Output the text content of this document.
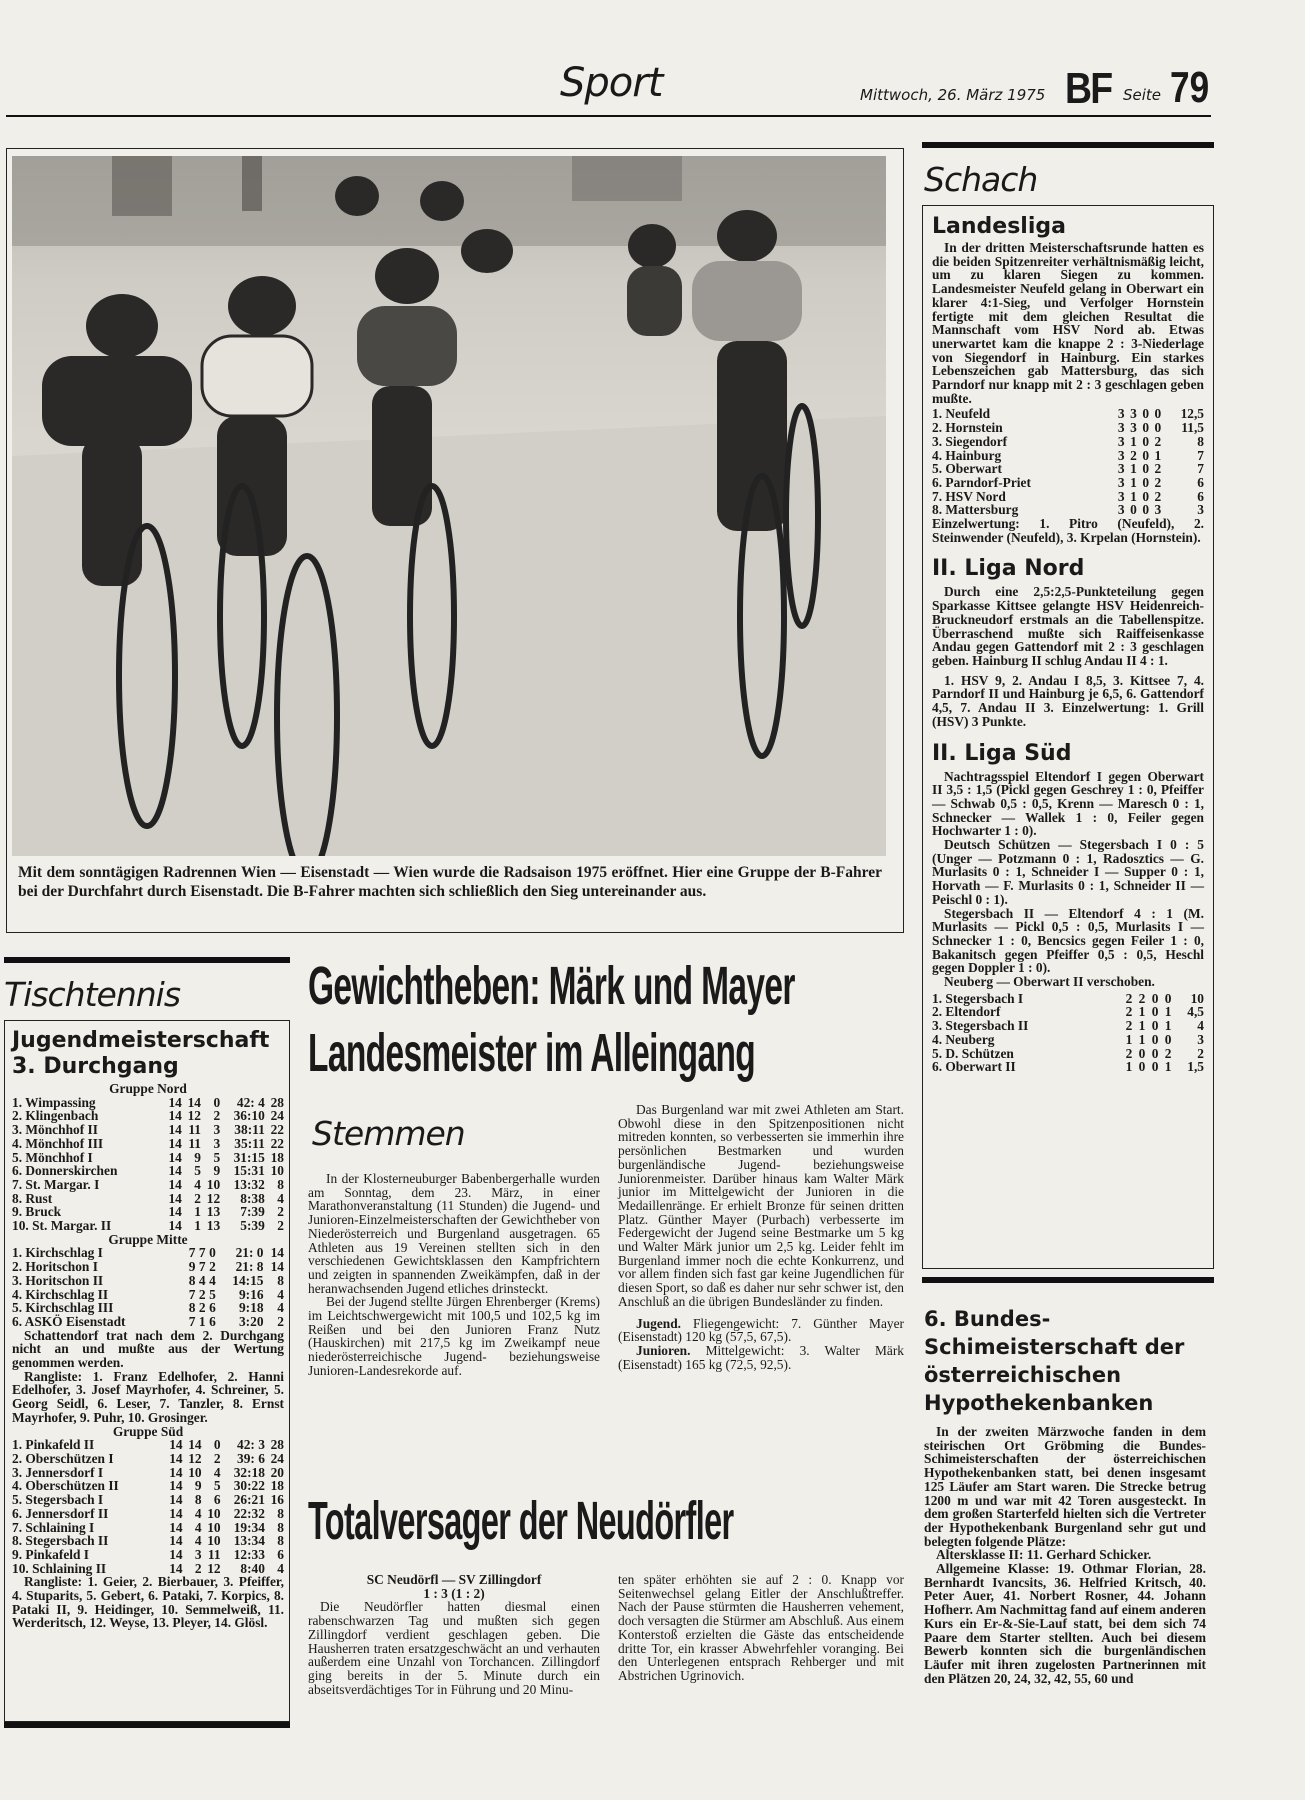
Sport	Mittwoch, 26. März 1975 BF Seite 79
Mit dem sonntägigen Radrennen Wien — Eisenstadt — Wien wurde die Radsaison 1975 eröffnet. Hier eine Gruppe der B-Fahrer bei der Durchfahrt durch Eisenstadt. Die B-Fahrer machten sich schließlich den Sieg untereinander aus.
Schach
Landesliga

In der dritten Meisterschaftsrunde hatten es die beiden Spitzenreiter verhältnismäßig leicht, um zu klaren Siegen zu kommen. Landesmeister Neufeld gelang in Oberwart ein klarer 4:1-Sieg, und Verfolger Hornstein fertigte mit dem gleichen Resultat die Mannschaft vom HSV Nord ab. Etwas unerwartet kam die knappe 2 : 3-Niederlage von Siegendorf in Hainburg. Ein starkes Lebenszeichen gab Mattersburg, das sich Parndorf nur knapp mit 2 : 3 geschlagen geben mußte.

1. Neufeld	3	3	0	0	12,5
2. Hornstein	3	3	0	0	11,5
3. Siegendorf	3	1	0	2	8
4. Hainburg	3	2	0	1	7
5. Oberwart	3	1	0	2	7
6. Parndorf-Priet	3	1	0	2	6
7. HSV Nord	3	1	0	2	6
8. Mattersburg	3	0	0	3	3

Einzelwertung: 1. Pitro (Neufeld), 2. Steinwender (Neufeld), 3. Krpelan (Hornstein).

II. Liga Nord

Durch eine 2,5:2,5-Punkteteilung gegen Sparkasse Kittsee gelangte HSV Heidenreich-Bruckneudorf erstmals an die Tabellenspitze. Überraschend mußte sich Raiffeisenkasse Andau gegen Gattendorf mit 2 : 3 geschlagen geben. Hainburg II schlug Andau II 4 : 1.

1. HSV 9, 2. Andau I 8,5, 3. Kittsee 7, 4. Parndorf II und Hainburg je 6,5, 6. Gattendorf 4,5, 7. Andau II 3. Einzelwertung: 1. Grill (HSV) 3 Punkte.

II. Liga Süd

Nachtragsspiel Eltendorf I gegen Oberwart II 3,5 : 1,5 (Pickl gegen Geschrey 1 : 0, Pfeiffer — Schwab 0,5 : 0,5, Krenn — Maresch 0 : 1, Schnecker — Wallek 1 : 0, Feiler gegen Hochwarter 1 : 0).

Deutsch Schützen — Stegersbach I 0 : 5 (Unger — Potzmann 0 : 1, Radosztics — G. Murlasits 0 : 1, Schneider I — Supper 0 : 1, Horvath — F. Murlasits 0 : 1, Schneider II — Peischl 0 : 1).

Stegersbach II — Eltendorf 4 : 1 (M. Murlasits — Pickl 0,5 : 0,5, Murlasits I — Schnecker 1 : 0, Bencsics gegen Feiler 1 : 0, Bakanitsch gegen Pfeiffer 0,5 : 0,5, Heschl gegen Doppler 1 : 0).

Neuberg — Oberwart II verschoben.

1. Stegersbach I	2	2	0	0	10
2. Eltendorf	2	1	0	1	4,5
3. Stegersbach II	2	1	0	1	4
4. Neuberg	1	1	0	0	3
5. D. Schützen	2	0	0	2	2
6. Oberwart II	1	0	0	1	1,5
6. Bundes-Schimeisterschaft der österreichischen Hypothekenbanken

In der zweiten Märzwoche fanden in dem steirischen Ort Gröbming die Bundes-Schimeisterschaften der österreichischen Hypothekenbanken statt, bei denen insgesamt 125 Läufer am Start waren. Die Strecke betrug 1200 m und war mit 42 Toren ausgesteckt. In dem großen Starterfeld hielten sich die Vertreter der Hypothekenbank Burgenland sehr gut und belegten folgende Plätze:

Altersklasse II: 11. Gerhard Schicker.

Allgemeine Klasse: 19. Othmar Florian, 28. Bernhardt Ivancsits, 36. Helfried Kritsch, 40. Peter Auer, 41. Norbert Rosner, 44. Johann Hofherr. Am Nachmittag fand auf einem anderen Kurs ein Er-&-Sie-Lauf statt, bei dem sich 74 Paare dem Starter stellten. Auch bei diesem Bewerb konnten sich die burgenländischen Läufer mit ihren zugelosten Partnerinnen mit den Plätzen 20, 24, 32, 42, 55, 60 und

Tischtennis
Jugendmeisterschaft
3. Durchgang
Gruppe Nord					
1. Wimpassing	14	14	0	42: 4	28
2. Klingenbach	14	12	2	36:10	24
3. Mönchhof II	14	11	3	38:11	22
4. Mönchhof III	14	11	3	35:11	22
5. Mönchhof I	14	9	5	31:15	18
6. Donnerskirchen	14	5	9	15:31	10
7. St. Margar. I	14	4	10	13:32	8
8. Rust	14	2	12	8:38	4
9. Bruck	14	1	13	7:39	2
10. St. Margar. II	14	1	13	5:39	2
Gruppe Mitte					
1. Kirchschlag I	7	7	0	21: 0	14
2. Horitschon I	9	7	2	21: 8	14
3. Horitschon II	8	4	4	14:15	8
4. Kirchschlag II	7	2	5	9:16	4
5. Kirchschlag III	8	2	6	9:18	4
6. ASKÖ Eisenstadt	7	1	6	3:20	2

Schattendorf trat nach dem 2. Durchgang nicht an und mußte aus der Wertung genommen werden.

Rangliste: 1. Franz Edelhofer, 2. Hanni Edelhofer, 3. Josef Mayrhofer, 4. Schreiner, 5. Georg Seidl, 6. Leser, 7. Tanzler, 8. Ernst Mayrhofer, 9. Puhr, 10. Grosinger.

Gruppe Süd					
1. Pinkafeld II	14	14	0	42: 3	28
2. Oberschützen I	14	12	2	39: 6	24
3. Jennersdorf I	14	10	4	32:18	20
4. Oberschützen II	14	9	5	30:22	18
5. Stegersbach I	14	8	6	26:21	16
6. Jennersdorf II	14	4	10	22:32	8
7. Schlaining I	14	4	10	19:34	8
8. Stegersbach II	14	4	10	13:34	8
9. Pinkafeld I	14	3	11	12:33	6
10. Schlaining II	14	2	12	8:40	4

Rangliste: 1. Geier, 2. Bierbauer, 3. Pfeiffer, 4. Stuparits, 5. Gebert, 6. Pataki, 7. Korpics, 8. Pataki II, 9. Heidinger, 10. Semmelweiß, 11. Werderitsch, 12. Weyse, 13. Pleyer, 14. Glösl.

Gewichtheben: Märk und Mayer
Landesmeister im Alleingang
Stemmen

In der Klosterneuburger Babenbergerhalle wurden am Sonntag, dem 23. März, in einer Marathonveranstaltung (11 Stunden) die Jugend- und Junioren-Einzelmeisterschaften der Gewichtheber von Niederösterreich und Burgenland ausgetragen. 65 Athleten aus 19 Vereinen stellten sich in den verschiedenen Gewichtsklassen den Kampfrichtern und zeigten in spannenden Zweikämpfen, daß in der heranwachsenden Jugend etliches drinsteckt.

Bei der Jugend stellte Jürgen Ehrenberger (Krems) im Leichtschwergewicht mit 100,5 und 102,5 kg im Reißen und bei den Junioren Franz Nutz (Hauskirchen) mit 217,5 kg im Zweikampf neue niederösterreichische Jugend- beziehungsweise Junioren-Landesrekorde auf.

Das Burgenland war mit zwei Athleten am Start. Obwohl diese in den Spitzenpositionen nicht mitreden konnten, so verbesserten sie immerhin ihre persönlichen Bestmarken und wurden burgenländische Jugend- beziehungsweise Juniorenmeister. Darüber hinaus kam Walter Märk junior im Mittelgewicht der Junioren in die Medaillenränge. Er erhielt Bronze für seinen dritten Platz. Günther Mayer (Purbach) verbesserte im Federgewicht der Jugend seine Bestmarke um 5 kg und Walter Märk junior um 2,5 kg. Leider fehlt im Burgenland immer noch die echte Konkurrenz, und vor allem finden sich fast gar keine Jugendlichen für diesen Sport, so daß es daher nur sehr schwer ist, den Anschluß an die übrigen Bundesländer zu finden.

Jugend. Fliegengewicht: 7. Günther Mayer (Eisenstadt) 120 kg (57,5, 67,5).

Junioren. Mittelgewicht: 3. Walter Märk (Eisenstadt) 165 kg (72,5, 92,5).

Totalversager der Neudörfler

SC Neudörfl — SV Zillingdorf

1 : 3 (1 : 2)

Die Neudörfler hatten diesmal einen rabenschwarzen Tag und mußten sich gegen Zillingdorf verdient geschlagen geben. Die Hausherren traten ersatzgeschwächt an und verhauten außerdem eine Unzahl von Torchancen. Zillingdorf ging bereits in der 5. Minute durch ein abseitsverdächtiges Tor in Führung und 20 Minu-

ten später erhöhten sie auf 2 : 0. Knapp vor Seitenwechsel gelang Eitler der Anschlußtreffer. Nach der Pause stürmten die Hausherren vehement, doch versagten die Stürmer am Abschluß. Aus einem Konterstoß erzielten die Gäste das entscheidende dritte Tor, ein krasser Abwehrfehler voranging. Bei den Unterlegenen entsprach Rehberger und mit Abstrichen Ugrinovich.
